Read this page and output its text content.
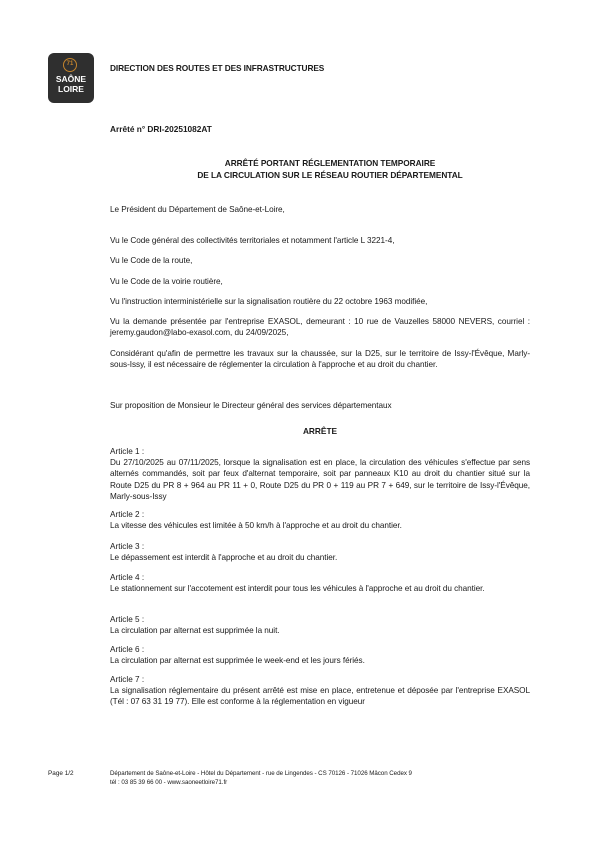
71
SAÔNE
LOIRE
DIRECTION DES ROUTES ET DES INFRASTRUCTURES
Arrêté n° DRI-20251082AT
ARRÊTÉ PORTANT RÉGLEMENTATION TEMPORAIRE
DE LA CIRCULATION SUR LE RÉSEAU ROUTIER DÉPARTEMENTAL

Le Président du Département de Saône-et-Loire,

Vu le Code général des collectivités territoriales et notamment l'article L 3221-4,

Vu le Code de la route,

Vu le Code de la voirie routière,

Vu l'instruction interministérielle sur la signalisation routière du 22 octobre 1963 modifiée,

Vu la demande présentée par l'entreprise EXASOL, demeurant : 10 rue de Vauzelles 58000 NEVERS, courriel : jeremy.gaudon@labo-exasol.com, du 24/09/2025,

Considérant qu'afin de permettre les travaux sur la chaussée, sur la D25, sur le territoire de Issy-l'Évêque, Marly-sous-Issy, il est nécessaire de réglementer la circulation à l'approche et au droit du chantier.

Sur proposition de Monsieur le Directeur général des services départementaux

ARRÊTE
Article 1 :

Du 27/10/2025 au 07/11/2025, lorsque la signalisation est en place, la circulation des véhicules s'effectue par sens alternés commandés, soit par feux d'alternat temporaire, soit par panneaux K10 au droit du chantier situé sur la Route D25 du PR 8 + 964 au PR 11 + 0, Route D25 du PR 0 + 119 au PR 7 + 649, sur le territoire de Issy-l'Évêque, Marly-sous-Issy

Article 2 :

La vitesse des véhicules est limitée à 50 km/h à l'approche et au droit du chantier.

Article 3 :

Le dépassement est interdit à l'approche et au droit du chantier.

Article 4 :

Le stationnement sur l'accotement est interdit pour tous les véhicules à l'approche et au droit du chantier.

Article 5 :

La circulation par alternat est supprimée la nuit.

Article 6 :

La circulation par alternat est supprimée le week-end et les jours fériés.

Article 7 :

La signalisation réglementaire du présent arrêté est mise en place, entretenue et déposée par l'entreprise EXASOL (Tél : 07 63 31 19 77). Elle est conforme à la réglementation en vigueur

Page 1/2	Département de Saône-et-Loire - Hôtel du Département - rue de Lingendes - CS 70126 - 71026 Mâcon Cedex 9
tél : 03 85 39 66 00 - www.saoneetloire71.fr
